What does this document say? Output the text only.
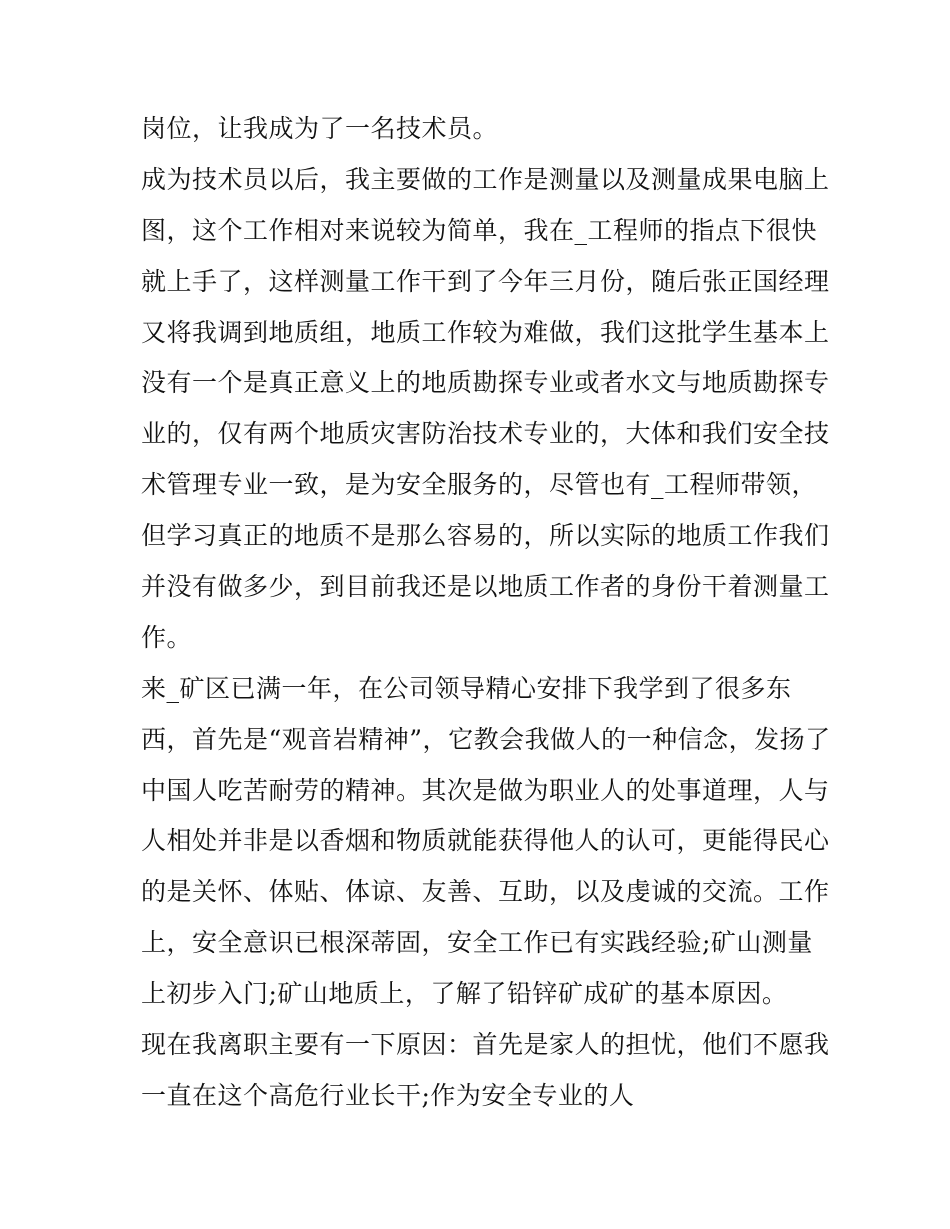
岗位，让我成为了一名技术员。
成为技术员以后，我主要做的工作是测量以及测量成果电脑上
图，这个工作相对来说较为简单，我在_工程师的指点下很快
就上手了，这样测量工作干到了今年三月份，随后张正国经理
又将我调到地质组，地质工作较为难做，我们这批学生基本上
没有一个是真正意义上的地质勘探专业或者水文与地质勘探专
业的，仅有两个地质灾害防治技术专业的，大体和我们安全技
术管理专业一致，是为安全服务的，尽管也有_工程师带领，
但学习真正的地质不是那么容易的，所以实际的地质工作我们
并没有做多少，到目前我还是以地质工作者的身份干着测量工
作。
来_矿区已满一年，在公司领导精心安排下我学到了很多东
西，首先是“观音岩精神”，它教会我做人的一种信念，发扬了
中国人吃苦耐劳的精神。其次是做为职业人的处事道理，人与
人相处并非是以香烟和物质就能获得他人的认可，更能得民心
的是关怀、体贴、体谅、友善、互助，以及虔诚的交流。工作
上，安全意识已根深蒂固，安全工作已有实践经验;矿山测量
上初步入门;矿山地质上，了解了铅锌矿成矿的基本原因。
现在我离职主要有一下原因：首先是家人的担忧，他们不愿我
一直在这个高危行业长干;作为安全专业的人
